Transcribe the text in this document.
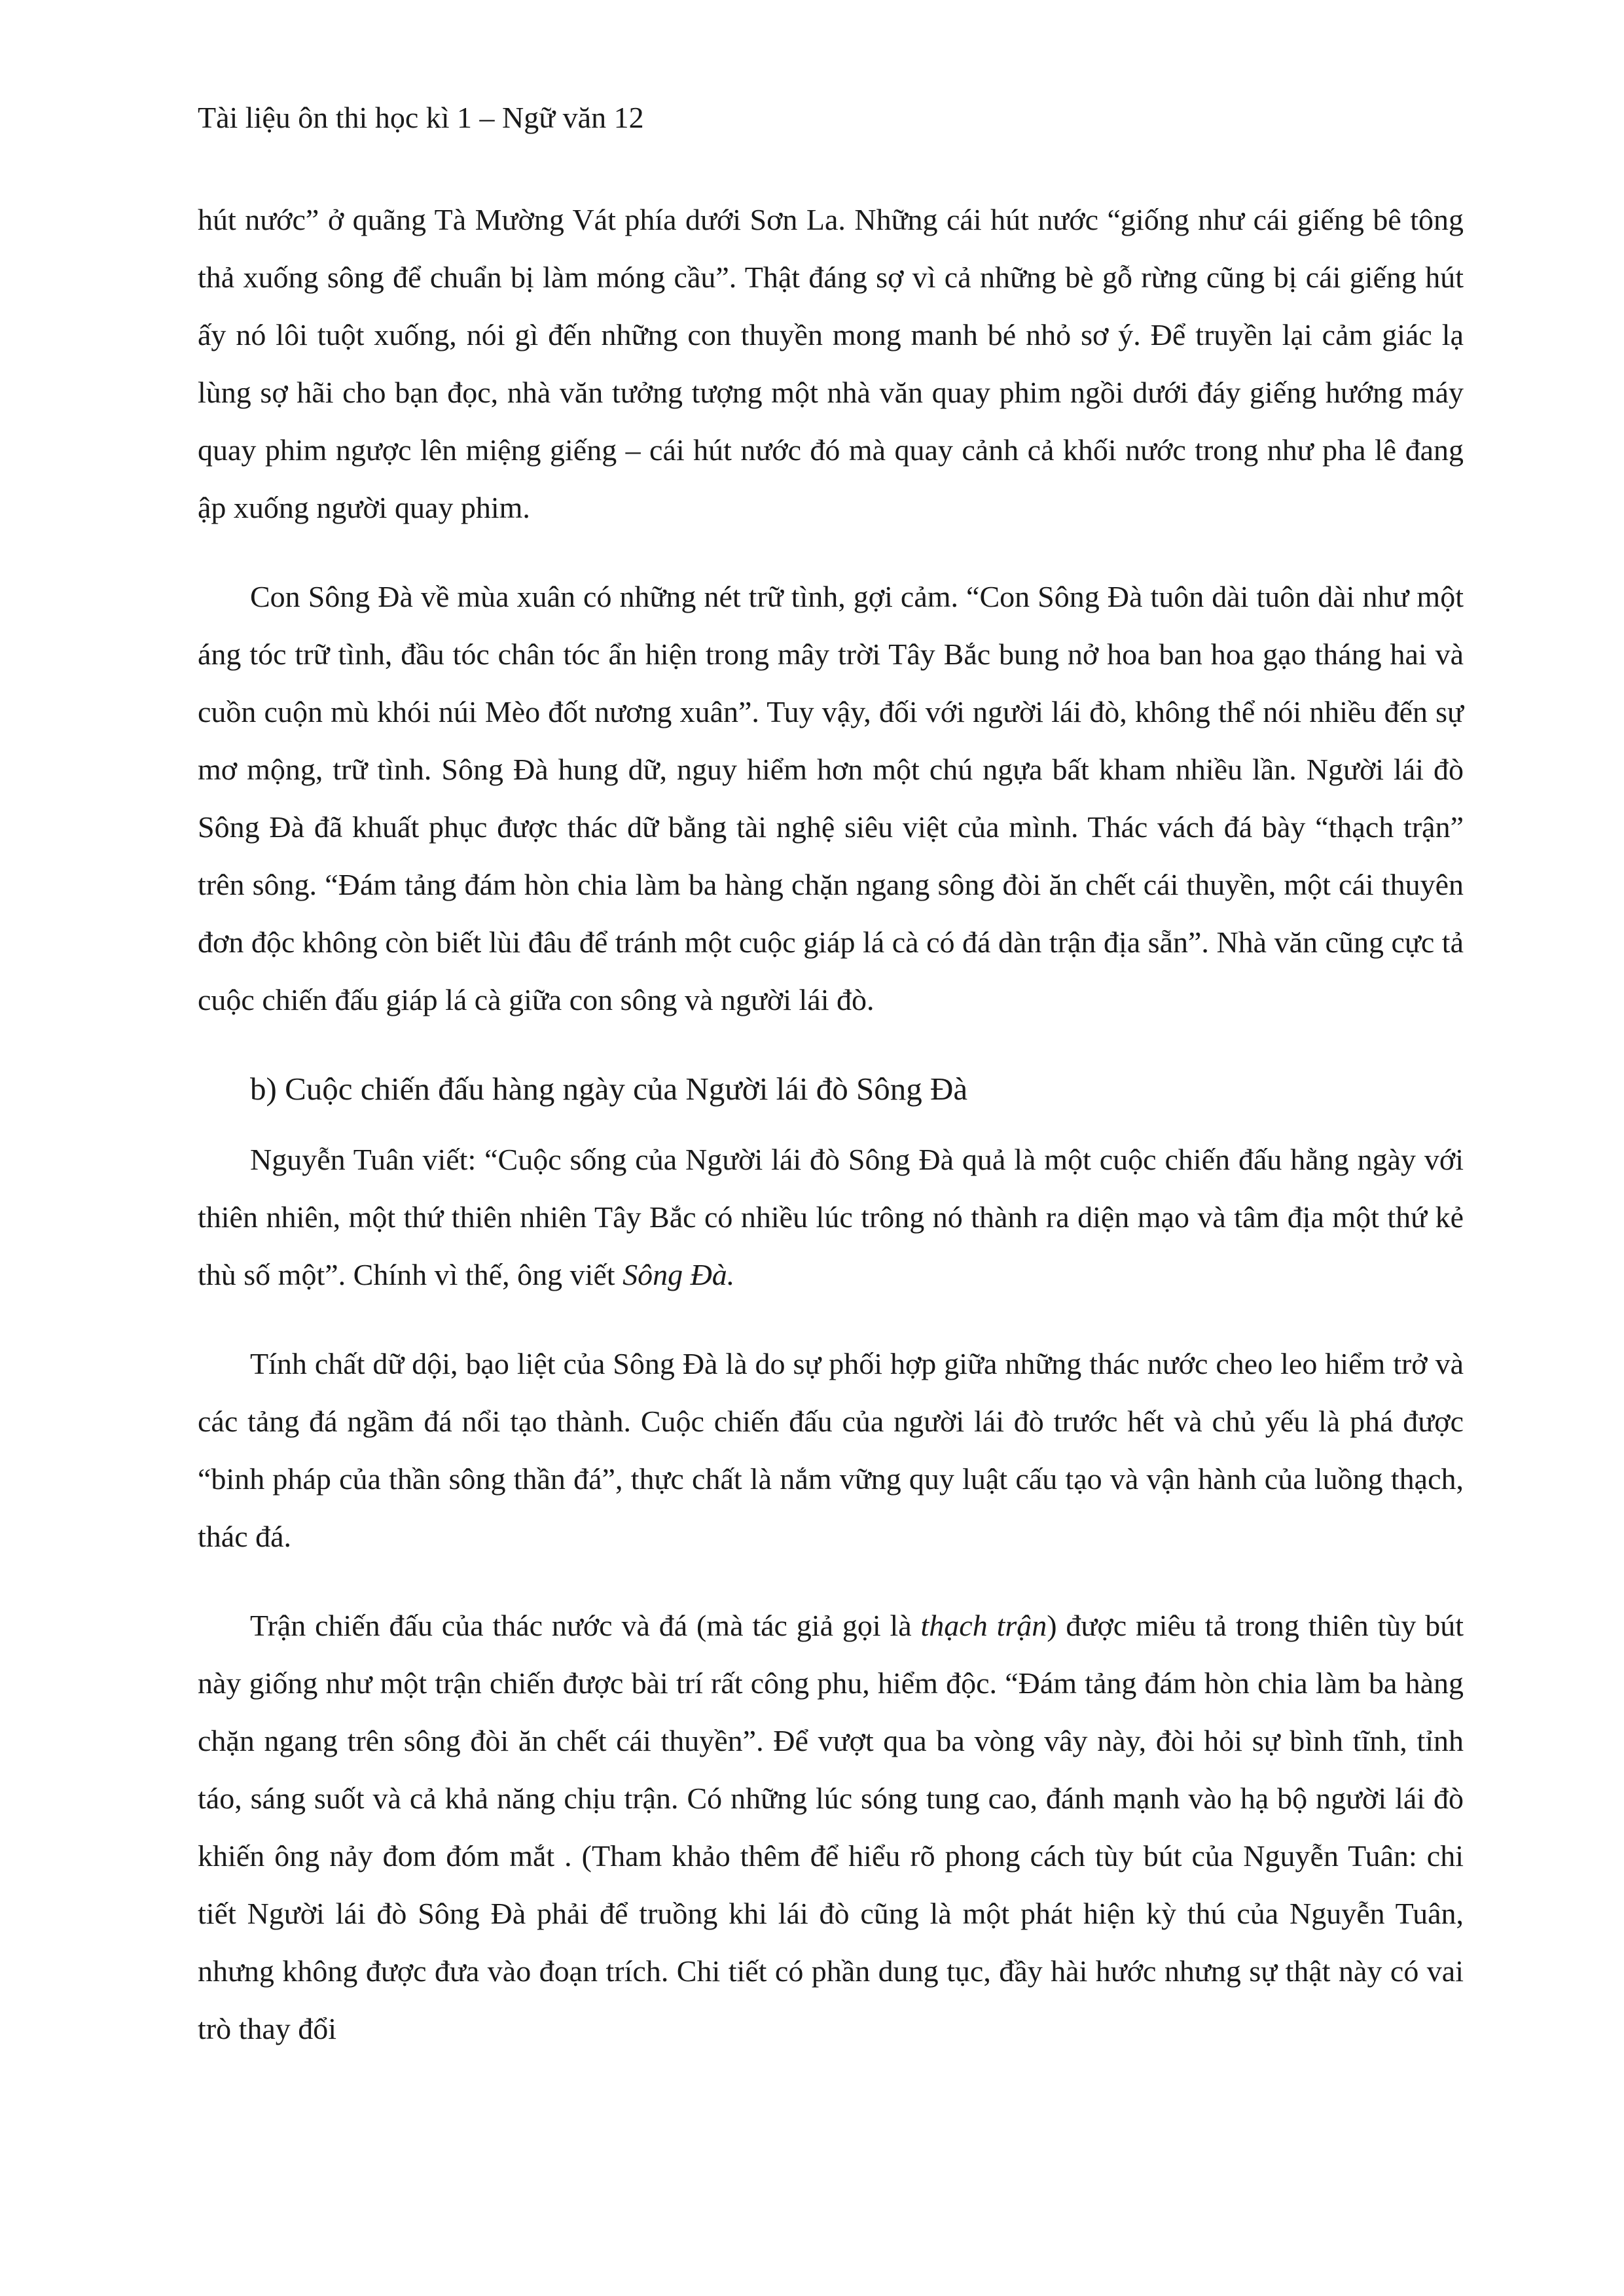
Tài liệu ôn thi học kì 1 – Ngữ văn 12

hút nước” ở quãng Tà Mường Vát phía dưới Sơn La. Những cái hút nước “giống như cái giếng bê tông thả xuống sông để chuẩn bị làm móng cầu”. Thật đáng sợ vì cả những bè gỗ rừng cũng bị cái giếng hút ấy nó lôi tuột xuống, nói gì đến những con thuyền mong manh bé nhỏ sơ ý. Để truyền lại cảm giác lạ lùng sợ hãi cho bạn đọc, nhà văn tưởng tượng một nhà văn quay phim ngồi dưới đáy giếng hướng máy quay phim ngược lên miệng giếng – cái hút nước đó mà quay cảnh cả khối nước trong như pha lê đang ập xuống người quay phim.

Con Sông Đà về mùa xuân có những nét trữ tình, gợi cảm. “Con Sông Đà tuôn dài tuôn dài như một áng tóc trữ tình, đầu tóc chân tóc ẩn hiện trong mây trời Tây Bắc bung nở hoa ban hoa gạo tháng hai và cuồn cuộn mù khói núi Mèo đốt nương xuân”. Tuy vậy, đối với người lái đò, không thể nói nhiều đến sự mơ mộng, trữ tình. Sông Đà hung dữ, nguy hiểm hơn một chú ngựa bất kham nhiều lần. Người lái đò Sông Đà đã khuất phục được thác dữ bằng tài nghệ siêu việt của mình. Thác vách đá bày “thạch trận” trên sông. “Đám tảng đám hòn chia làm ba hàng chặn ngang sông đòi ăn chết cái thuyền, một cái thuyên đơn độc không còn biết lùi đâu để tránh một cuộc giáp lá cà có đá dàn trận địa sẵn”. Nhà văn cũng cực tả cuộc chiến đấu giáp lá cà giữa con sông và người lái đò.

b) Cuộc chiến đấu hàng ngày của Người lái đò Sông Đà

Nguyễn Tuân viết: “Cuộc sống của Người lái đò Sông Đà quả là một cuộc chiến đấu hằng ngày với thiên nhiên, một thứ thiên nhiên Tây Bắc có nhiều lúc trông nó thành ra diện mạo và tâm địa một thứ kẻ thù số một”. Chính vì thế, ông viết Sông Đà.

Tính chất dữ dội, bạo liệt của Sông Đà là do sự phối hợp giữa những thác nước cheo leo hiểm trở và các tảng đá ngầm đá nổi tạo thành. Cuộc chiến đấu của người lái đò trước hết và chủ yếu là phá được “binh pháp của thần sông thần đá”, thực chất là nắm vững quy luật cấu tạo và vận hành của luồng thạch, thác đá.

Trận chiến đấu của thác nước và đá (mà tác giả gọi là thạch trận) được miêu tả trong thiên tùy bút này giống như một trận chiến được bài trí rất công phu, hiểm độc. “Đám tảng đám hòn chia làm ba hàng chặn ngang trên sông đòi ăn chết cái thuyền”. Để vượt qua ba vòng vây này, đòi hỏi sự bình tĩnh, tỉnh táo, sáng suốt và cả khả năng chịu trận. Có những lúc sóng tung cao, đánh mạnh vào hạ bộ người lái đò khiến ông nảy đom đóm mắt . (Tham khảo thêm để hiểu rõ phong cách tùy bút của Nguyễn Tuân: chi tiết Người lái đò Sông Đà phải để truồng khi lái đò cũng là một phát hiện kỳ thú của Nguyễn Tuân, nhưng không được đưa vào đoạn trích. Chi tiết có phần dung tục, đầy hài hước nhưng sự thật này có vai trò thay đổi
